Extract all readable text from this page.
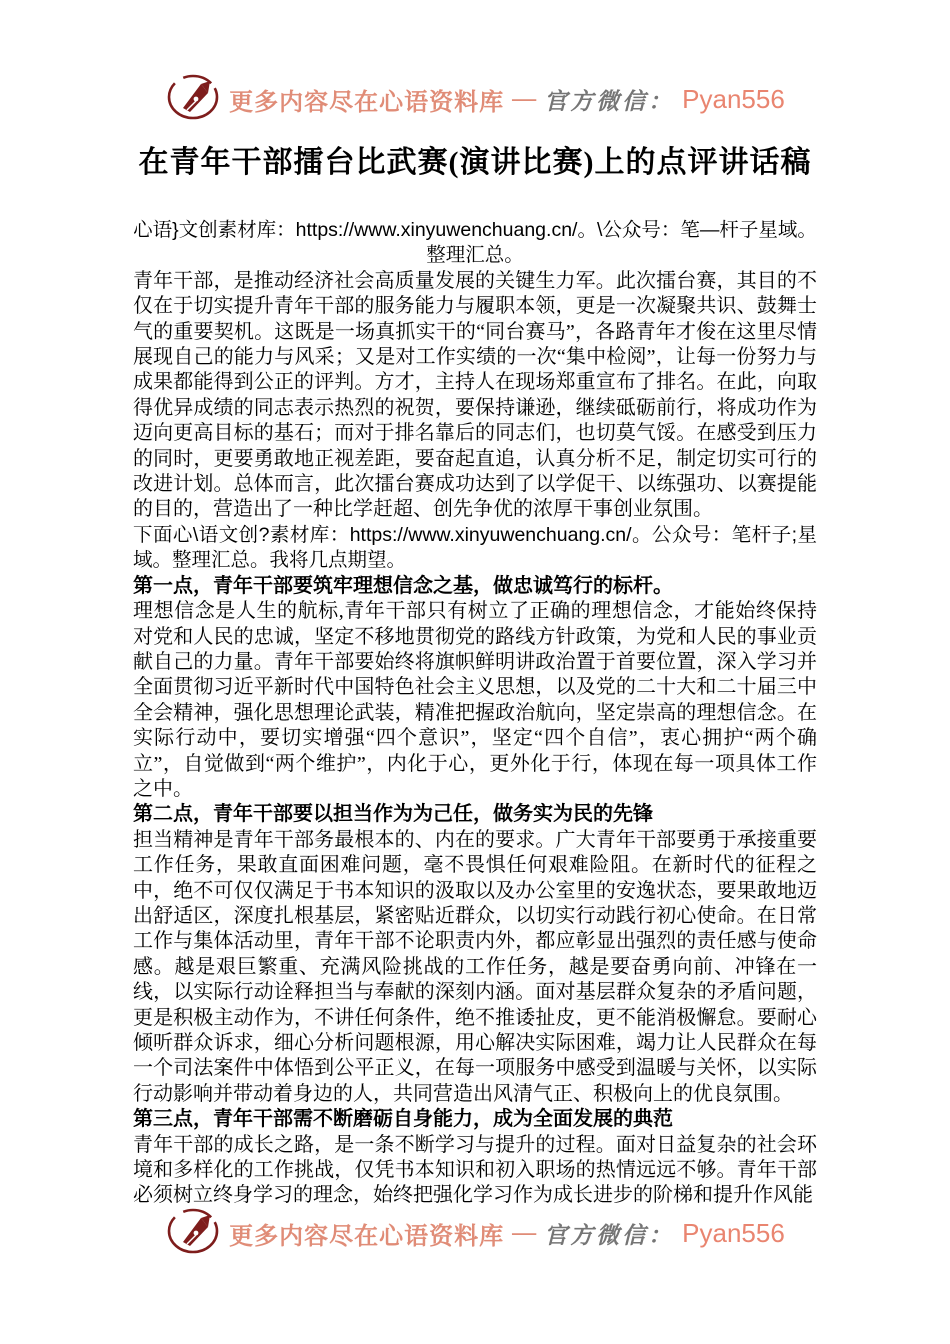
更多内容尽在心语资料库 — 官方微信： Pyan556
在青年干部擂台比武赛(演讲比赛)上的点评讲话稿

心语}文创素材库：https://www.xinyuwenchuang.cn/。\公众号：笔—杆子星域。整理汇总。

青年干部，是推动经济社会高质量发展的关键生力军。此次擂台赛，其目的不仅在于切实提升青年干部的服务能力与履职本领，更是一次凝聚共识、鼓舞士气的重要契机。这既是一场真抓实干的“同台赛马”，各路青年才俊在这里尽情展现自己的能力与风采；又是对工作实绩的一次“集中检阅”，让每一份努力与成果都能得到公正的评判。方才，主持人在现场郑重宣布了排名。在此，向取得优异成绩的同志表示热烈的祝贺，要保持谦逊，继续砥砺前行，将成功作为迈向更高目标的基石；而对于排名靠后的同志们，也切莫气馁。在感受到压力的同时，更要勇敢地正视差距，要奋起直追，认真分析不足，制定切实可行的改进计划。总体而言，此次擂台赛成功达到了以学促干、以练强功、以赛提能的目的，营造出了一种比学赶超、创先争优的浓厚干事创业氛围。

下面心\语文创?素材库：https://www.xinyuwenchuang.cn/。公众号：笔杆子;星域。整理汇总。我将几点期望。

第一点，青年干部要筑牢理想信念之基，做忠诚笃行的标杆。

理想信念是人生的航标,青年干部只有树立了正确的理想信念，才能始终保持对党和人民的忠诚，坚定不移地贯彻党的路线方针政策，为党和人民的事业贡献自己的力量。青年干部要始终将旗帜鲜明讲政治置于首要位置，深入学习并全面贯彻习近平新时代中国特色社会主义思想，以及党的二十大和二十届三中全会精神，强化思想理论武装，精准把握政治航向，坚定崇高的理想信念。在实际行动中，要切实增强“四个意识”，坚定“四个自信”，衷心拥护“两个确立”，自觉做到“两个维护”，内化于心，更外化于行，体现在每一项具体工作之中。

第二点，青年干部要以担当作为为己任，做务实为民的先锋

担当精神是青年干部务最根本的、内在的要求。广大青年干部要勇于承接重要工作任务，果敢直面困难问题，毫不畏惧任何艰难险阻。在新时代的征程之中，绝不可仅仅满足于书本知识的汲取以及办公室里的安逸状态，要果敢地迈出舒适区，深度扎根基层，紧密贴近群众，以切实行动践行初心使命。在日常工作与集体活动里，青年干部不论职责内外，都应彰显出强烈的责任感与使命感。越是艰巨繁重、充满风险挑战的工作任务，越是要奋勇向前、冲锋在一线，以实际行动诠释担当与奉献的深刻内涵。面对基层群众复杂的矛盾问题，更是积极主动作为，不讲任何条件，绝不推诿扯皮，更不能消极懈怠。要耐心倾听群众诉求，细心分析问题根源，用心解决实际困难，竭力让人民群众在每一个司法案件中体悟到公平正义，在每一项服务中感受到温暖与关怀，以实际行动影响并带动着身边的人，共同营造出风清气正、积极向上的优良氛围。

第三点，青年干部需不断磨砺自身能力，成为全面发展的典范

青年干部的成长之路，是一条不断学习与提升的过程。面对日益复杂的社会环境和多样化的工作挑战，仅凭书本知识和初入职场的热情远远不够。青年干部必须树立终身学习的理念，始终把强化学习作为成长进步的阶梯和提升作风能

更多内容尽在心语资料库 — 官方微信： Pyan556
